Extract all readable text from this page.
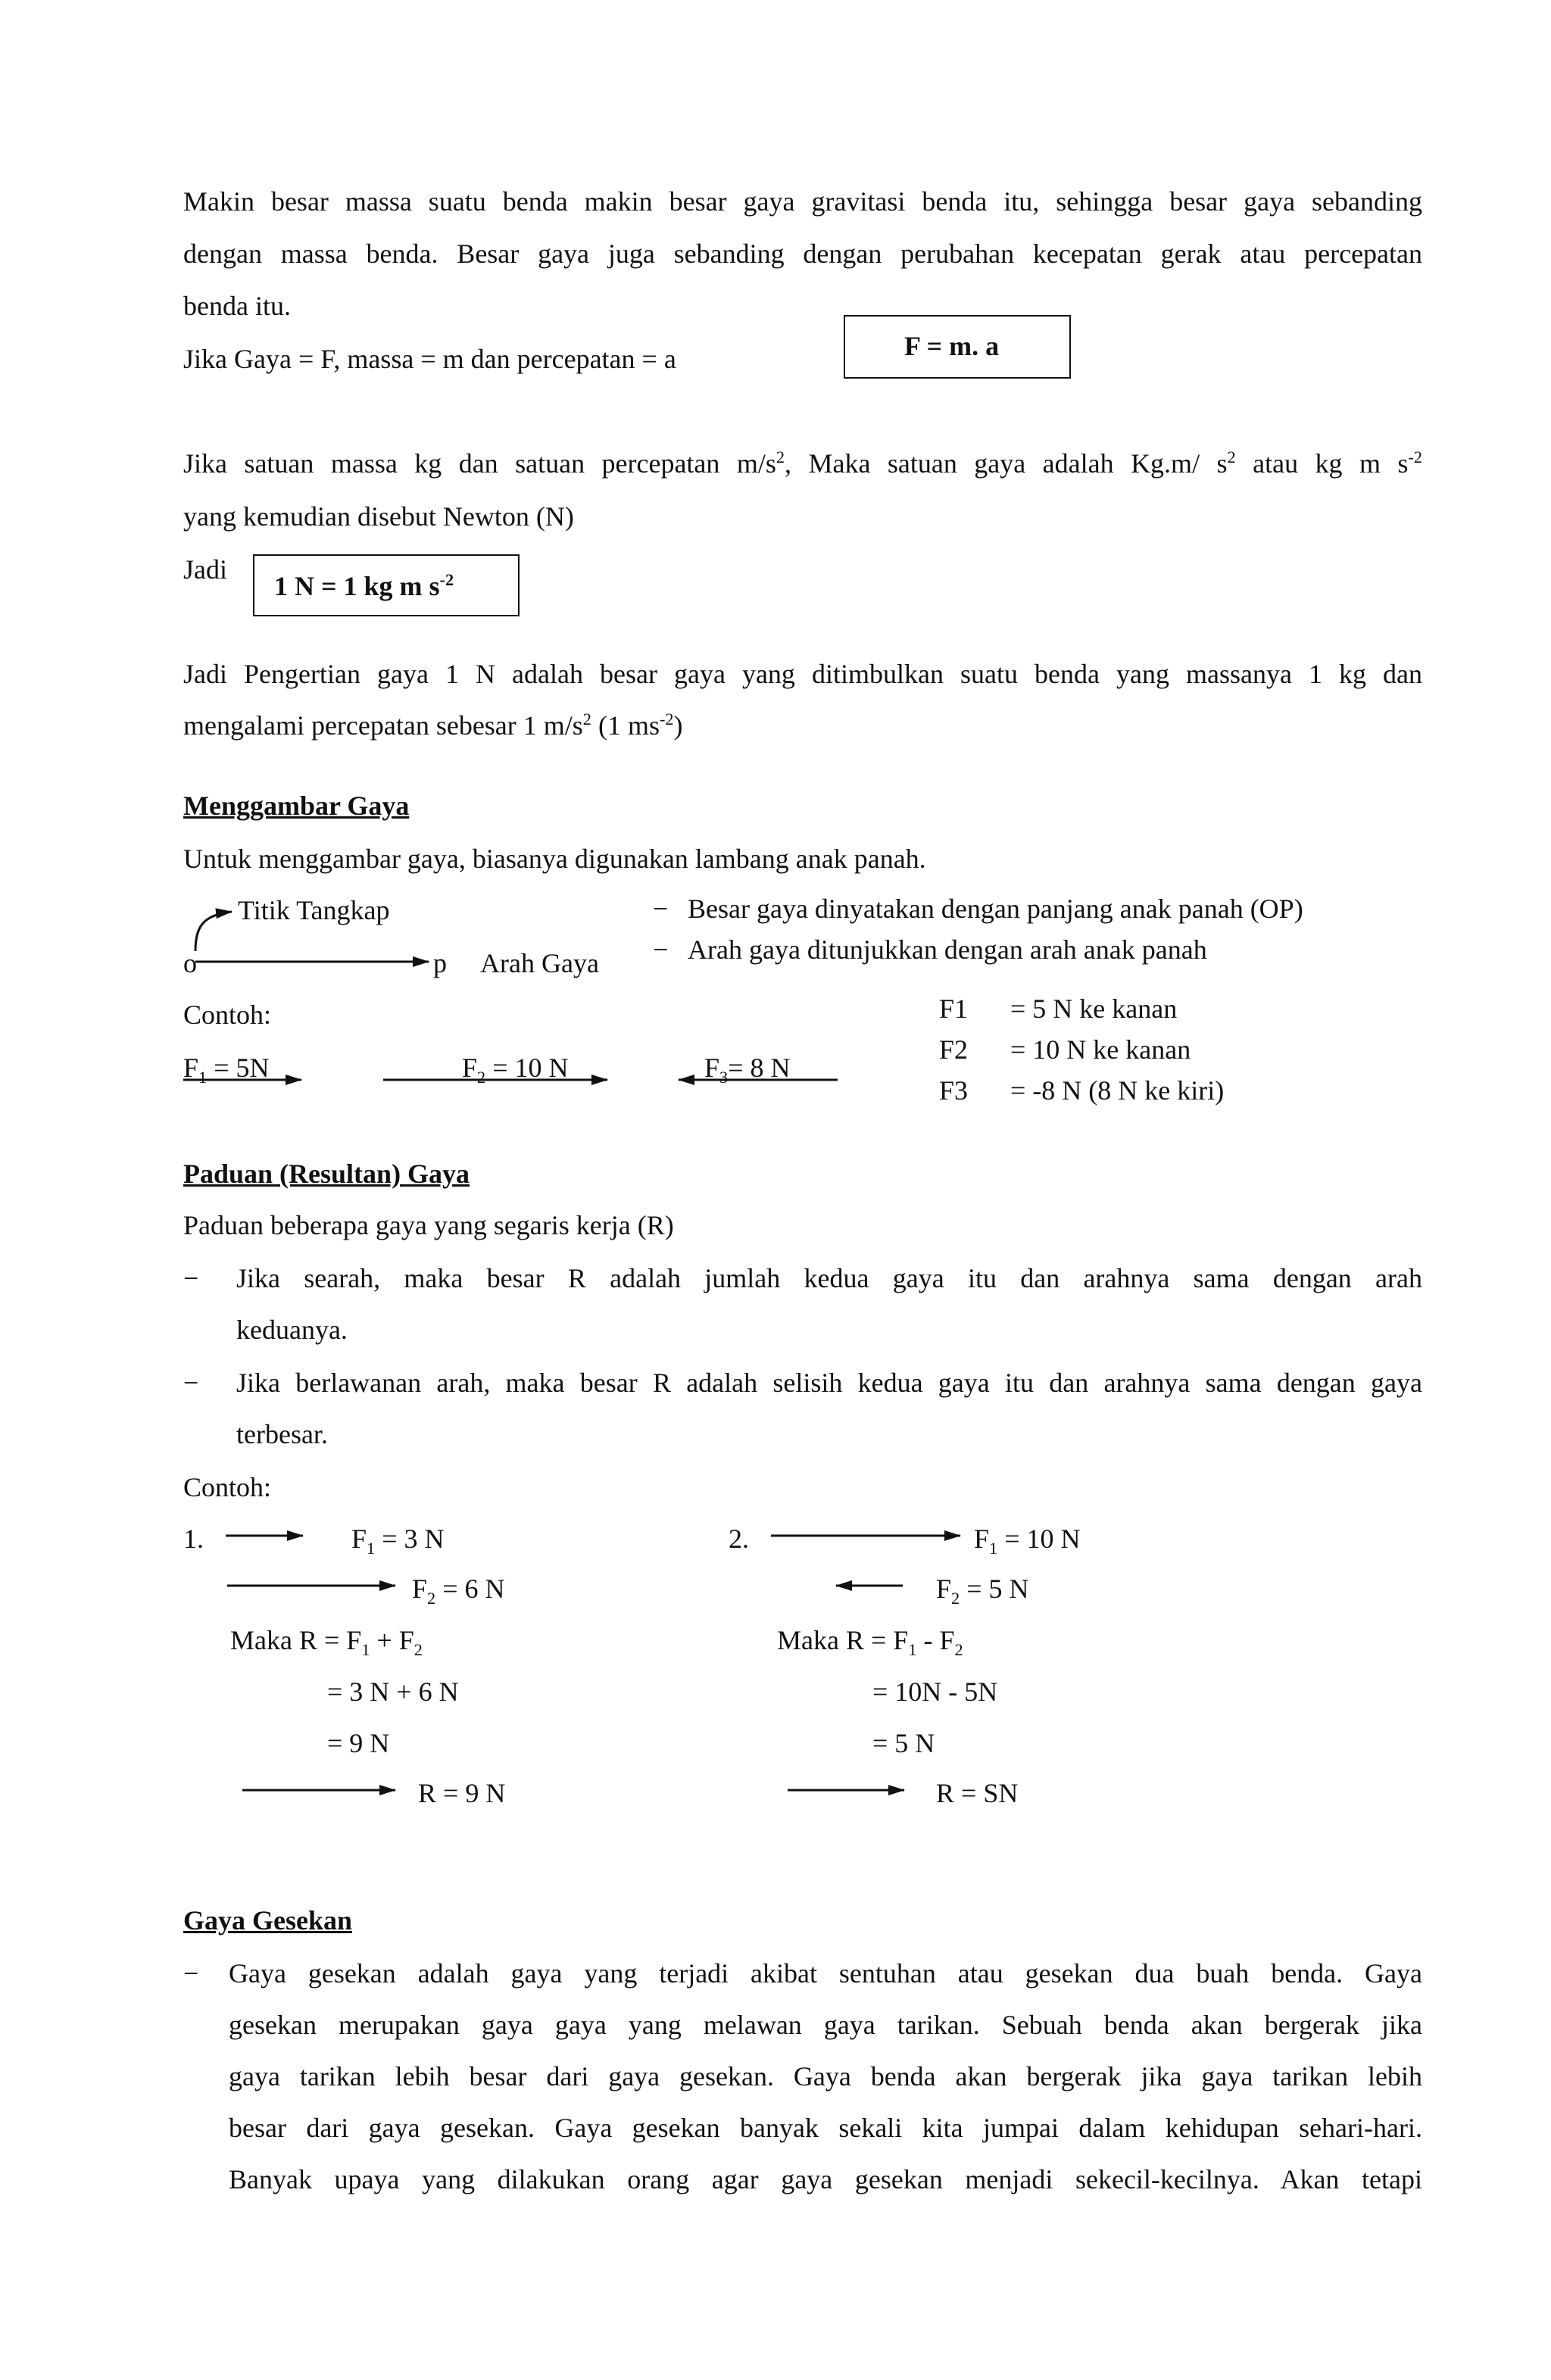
Makin besar massa suatu benda makin besar gaya gravitasi benda itu, sehingga besar gaya sebanding
dengan massa benda. Besar gaya juga sebanding dengan perubahan kecepatan gerak atau percepatan
benda itu.
Jika Gaya = F, massa = m dan percepatan = a	F = m. a
Jika satuan massa kg dan satuan percepatan $m/s^2$, Maka satuan gaya adalah Kg.m/ $s^2$ atau kg m $s^{-2}$
yang kemudian disebut Newton (N)
Jadi
1 N = 1 kg m $s^{-2}$
Jadi Pengertian gaya 1 N adalah besar gaya yang ditimbulkan suatu benda yang massanya 1 kg dan
mengalami percepatan sebesar 1 $m/s^2$ (1 $ms^{-2}$)
Menggambar Gaya
Untuk menggambar gaya, biasanya digunakan lambang anak panah.
Titik Tangkap
o	p Arah Gaya
− Besar gaya dinyatakan dengan panjang anak panah (OP)
− Arah gaya ditunjukkan dengan arah anak panah
Contoh:
$F_1 = 5N$	$F_2 = 10$ N	$F_3= 8$ N
F1 = 5 N ke kanan
F2 = 10 N ke kanan
F3 = -8 N (8 N ke kiri)
Paduan (Resultan) Gaya
Paduan beberapa gaya yang segaris kerja (R)
− Jika searah, maka besar R adalah jumlah kedua gaya itu dan arahnya sama dengan arah
keduanya.
− Jika berlawanan arah, maka besar R adalah selisih kedua gaya itu dan arahnya sama dengan gaya
terbesar.
Contoh:
1.	$F_1 = 3$ N
$F_2 = 6$ N
Maka $R = F_1 + F_2$
= 3 N + 6 N
= 9 N
R = 9 N
2.	$F_1 = 10$ N
$F_2 = 5$ N
Maka $R = F_1 - F_2$
= 10N - 5N
= 5 N
R = SN
Gaya Gesekan
− Gaya gesekan adalah gaya yang terjadi akibat sentuhan atau gesekan dua buah benda. Gaya
gesekan merupakan gaya gaya yang melawan gaya tarikan. Sebuah benda akan bergerak jika
gaya tarikan lebih besar dari gaya gesekan. Gaya benda akan bergerak jika gaya tarikan lebih
besar dari gaya gesekan. Gaya gesekan banyak sekali kita jumpai dalam kehidupan sehari-hari.
Banyak upaya yang dilakukan orang agar gaya gesekan menjadi sekecil-kecilnya. Akan tetapi
